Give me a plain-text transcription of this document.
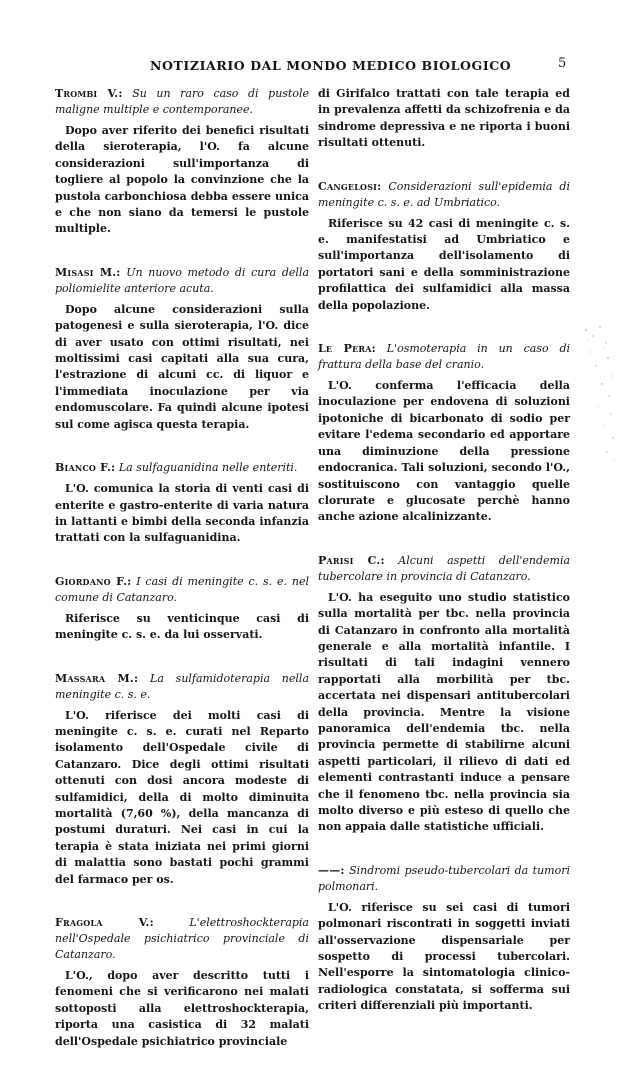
NOTIZIARIO DAL MONDO MEDICO BIOLOGICO	5

Trombi V.: Su un raro caso di pustole maligne multiple e contemporanee.

Dopo aver riferito dei benefici risultati della sieroterapia, l'O. fa alcune considerazioni sull'importanza di togliere al popolo la convinzione che la pustola carbonchiosa debba essere unica e che non siano da temersi le pustole multiple.

Misasi M.: Un nuovo metodo di cura della poliomielite anteriore acuta.

Dopo alcune considerazioni sulla patogenesi e sulla sieroterapia, l'O. dice di aver usato con ottimi risultati, nei moltissimi casi capitati alla sua cura, l'estrazione di alcuni cc. di liquor e l'immediata inoculazione per via endomuscolare. Fa quindi alcune ipotesi sul come agisca questa terapia.

Bianco F.: La sulfaguanidina nelle enteriti.

L'O. comunica la storia di venti casi di enterite e gastro-enterite di varia natura in lattanti e bimbi della seconda infanzia trattati con la sulfaguanidina.

Giordano F.: I casi di meningite c. s. e. nel comune di Catanzaro.

Riferisce su venticinque casi di meningite c. s. e. da lui osservati.

Massara M.: La sulfamidoterapia nella meningite c. s. e.

L'O. riferisce dei molti casi di meningite c. s. e. curati nel Reparto isolamento dell'Ospedale civile di Catanzaro. Dice degli ottimi risultati ottenuti con dosi ancora modeste di sulfamidici, della di molto diminuita mortalità (7,60 %), della mancanza di postumi duraturi. Nei casi in cui la terapia è stata iniziata nei primi giorni di malattia sono bastati pochi grammi del farmaco per os.

Fragola V.:	L'elettroshockterapia nell'Ospedale psichiatrico provinciale di Catanzaro.

L'O., dopo aver descritto tutti i fenomeni che si verificarono nei malati sottoposti alla elettroshockterapia, riporta una casistica di 32 malati dell'Ospedale psichiatrico provinciale

di Girifalco trattati con tale terapia ed in prevalenza affetti da schizofrenia e da sindrome depressiva e ne riporta i buoni risultati ottenuti.

Cangelosi: Considerazioni sull'epidemia di meningite c. s. e. ad Umbriatico.

Riferisce su 42 casi di meningite c. s. e. manifestatisi ad Umbriatico e sull'importanza dell'isolamento di portatori sani e della somministrazione profilattica dei sulfamidici alla massa della popolazione.

Le Pera: L'osmoterapia in un caso di frattura della base del cranio.

L'O. conferma l'efficacia della inoculazione per endovena di soluzioni ipotoniche di bicarbonato di sodio per evitare l'edema secondario ed apportare una diminuzione della pressione endocranica. Tali soluzioni, secondo l'O., sostituiscono con vantaggio quelle clorurate e glucosate perchè hanno anche azione alcalinizzante.

Parisi C.: Alcuni aspetti dell'endemia tubercolare in provincia di Catanzaro.

L'O. ha eseguito uno studio statistico sulla mortalità per tbc. nella provincia di Catanzaro in confronto alla mortalità generale e alla mortalità infantile. I risultati di tali indagini vennero rapportati alla morbilità per tbc. accertata nei dispensari antitubercolari della provincia. Mentre la visione panoramica dell'endemia tbc. nella provincia permette di stabilirne alcuni aspetti particolari, il rilievo di dati ed elementi contrastanti induce a pensare che il fenomeno tbc. nella provincia sia molto diverso e più esteso di quello che non appaia dalle statistiche ufficiali.

——: Sindromi pseudo-tubercolari da tumori polmonari.

L'O. riferisce su sei casi di tumori polmonari riscontrati in soggetti inviati all'osservazione dispensariale per sospetto di processi tubercolari. Nell'esporre la sintomatologia clinico-radiologica constatata, si sofferma sui criteri differenziali più importanti.
